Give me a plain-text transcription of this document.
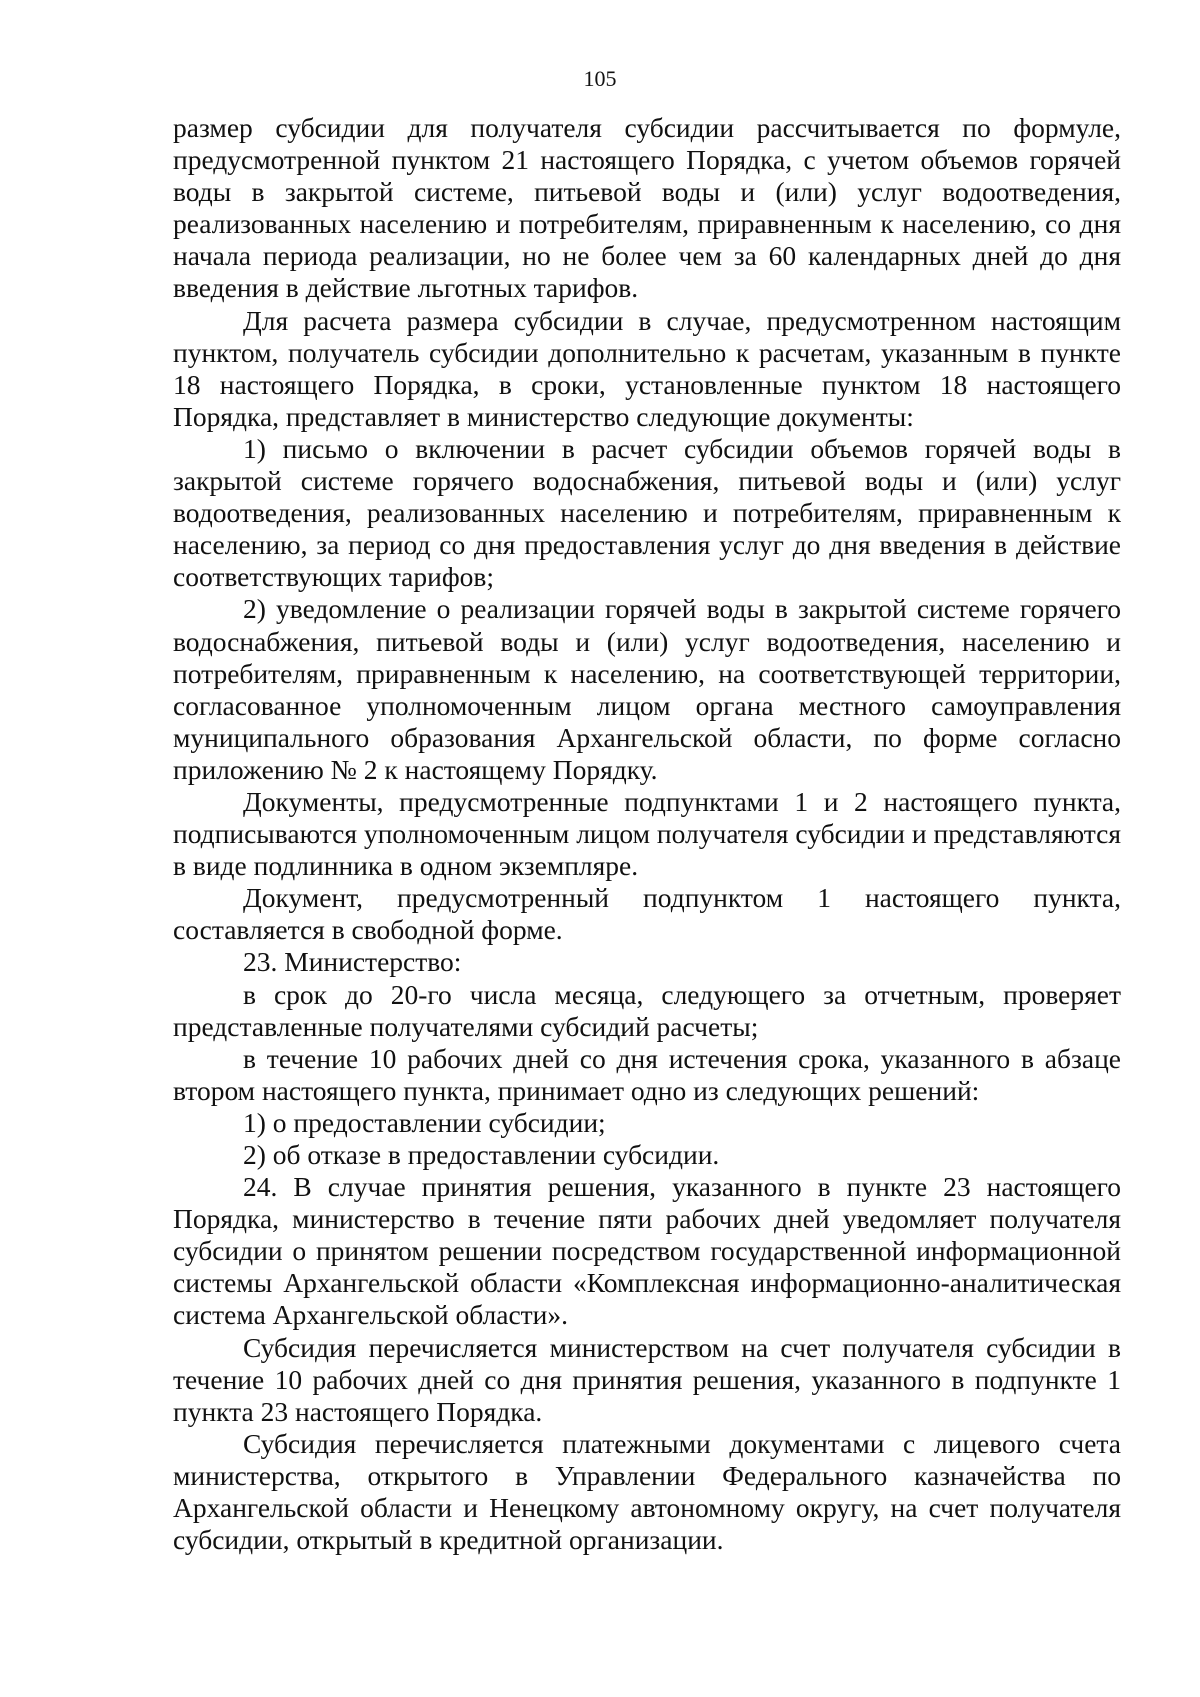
105

размер субсидии для получателя субсидии рассчитывается по формуле, предусмотренной пунктом 21 настоящего Порядка, с учетом объемов горячей воды в закрытой системе, питьевой воды и (или) услуг водоотведения, реализованных населению и потребителям, приравненным к населению, со дня начала периода реализации, но не более чем за 60 календарных дней до дня введения в действие льготных тарифов.

Для расчета размера субсидии в случае, предусмотренном настоящим пунктом, получатель субсидии дополнительно к расчетам, указанным в пункте 18 настоящего Порядка, в сроки, установленные пунктом 18 настоящего Порядка, представляет в министерство следующие документы:

1) письмо о включении в расчет субсидии объемов горячей воды в закрытой системе горячего водоснабжения, питьевой воды и (или) услуг водоотведения, реализованных населению и потребителям, приравненным к населению, за период со дня предоставления услуг до дня введения в действие соответствующих тарифов;

2) уведомление о реализации горячей воды в закрытой системе горячего водоснабжения, питьевой воды и (или) услуг водоотведения, населению и потребителям, приравненным к населению, на соответствующей территории, согласованное уполномоченным лицом органа местного самоуправления муниципального образования Архангельской области, по форме согласно приложению № 2 к настоящему Порядку.

Документы, предусмотренные подпунктами 1 и 2 настоящего пункта, подписываются уполномоченным лицом получателя субсидии и представляются в виде подлинника в одном экземпляре.

Документ, предусмотренный подпунктом 1 настоящего пункта, составляется в свободной форме.

23. Министерство:

в срок до 20-го числа месяца, следующего за отчетным, проверяет представленные получателями субсидий расчеты;

в течение 10 рабочих дней со дня истечения срока, указанного в абзаце втором настоящего пункта, принимает одно из следующих решений:

1) о предоставлении субсидии;

2) об отказе в предоставлении субсидии.

24. В случае принятия решения, указанного в пункте 23 настоящего Порядка, министерство в течение пяти рабочих дней уведомляет получателя субсидии о принятом решении посредством государственной информационной системы Архангельской области «Комплексная информационно-аналитическая система Архангельской области».

Субсидия перечисляется министерством на счет получателя субсидии в течение 10 рабочих дней со дня принятия решения, указанного в подпункте 1 пункта 23 настоящего Порядка.

Субсидия перечисляется платежными документами с лицевого счета министерства, открытого в Управлении Федерального казначейства по Архангельской области и Ненецкому автономному округу, на счет получателя субсидии, открытый в кредитной организации.
